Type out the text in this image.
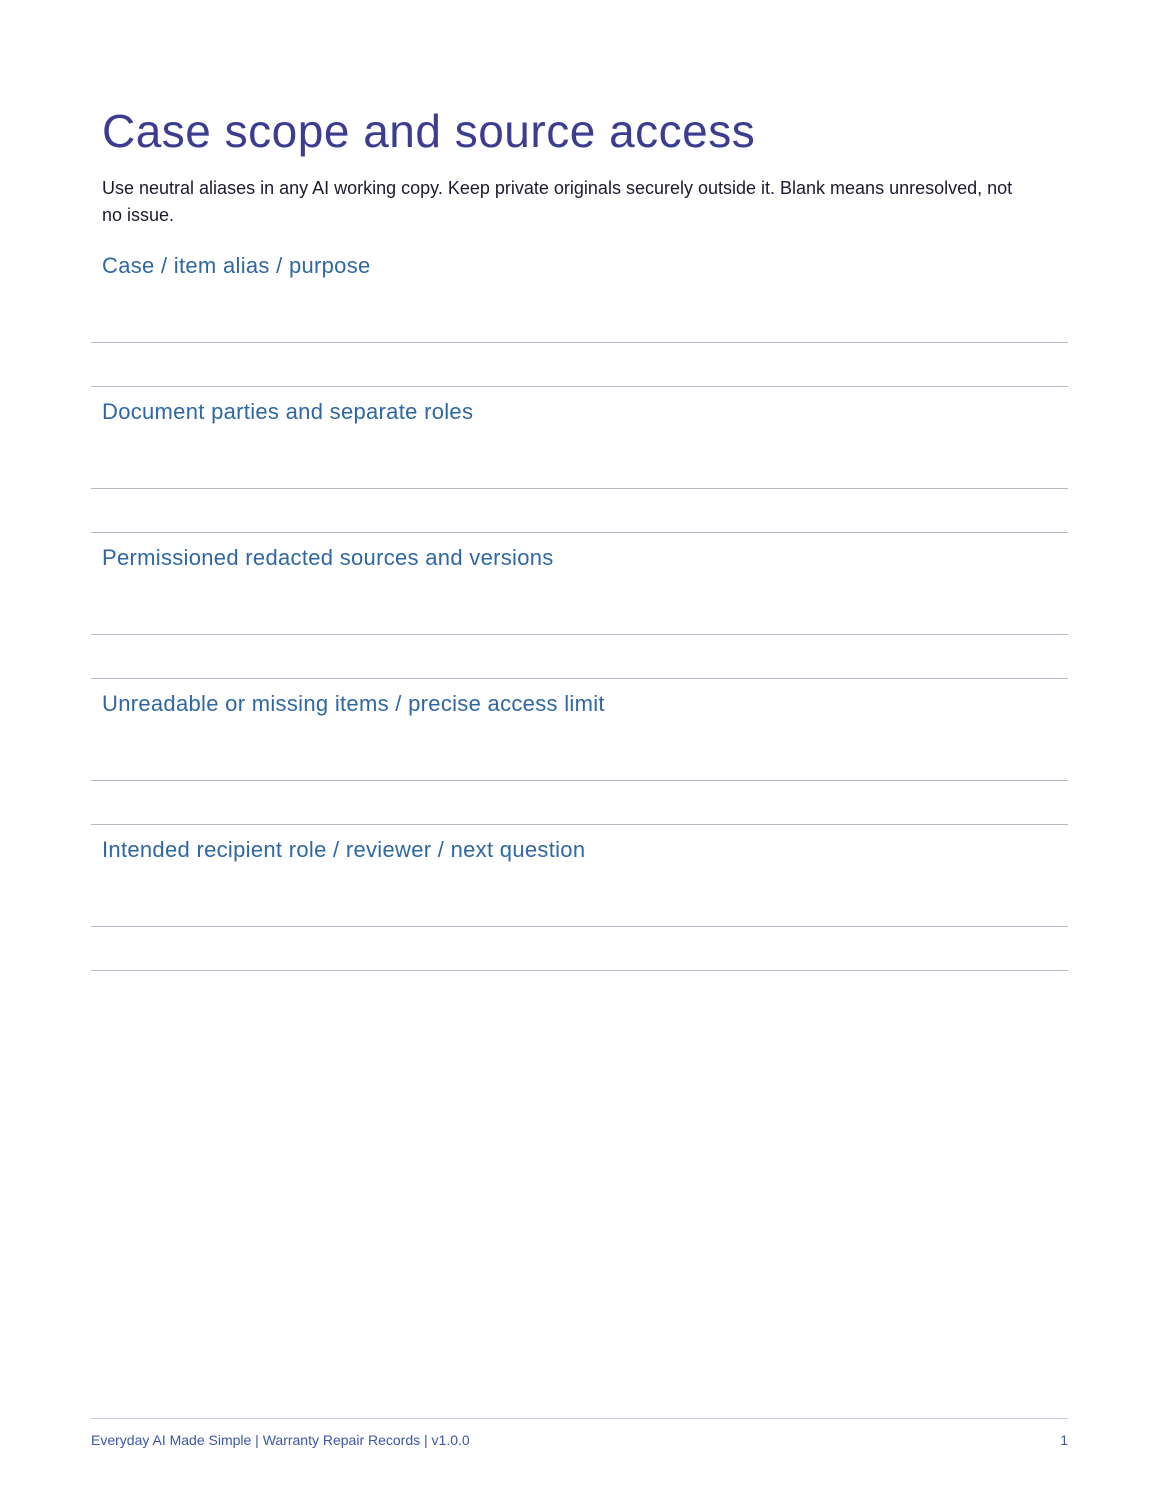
Case scope and source access

Use neutral aliases in any AI working copy. Keep private originals securely outside it. Blank means unresolved, not no issue.

Case / item alias / purpose
Document parties and separate roles
Permissioned redacted sources and versions
Unreadable or missing items / precise access limit
Intended recipient role / reviewer / next question
Everyday AI Made Simple | Warranty Repair Records | v1.0.0	1
